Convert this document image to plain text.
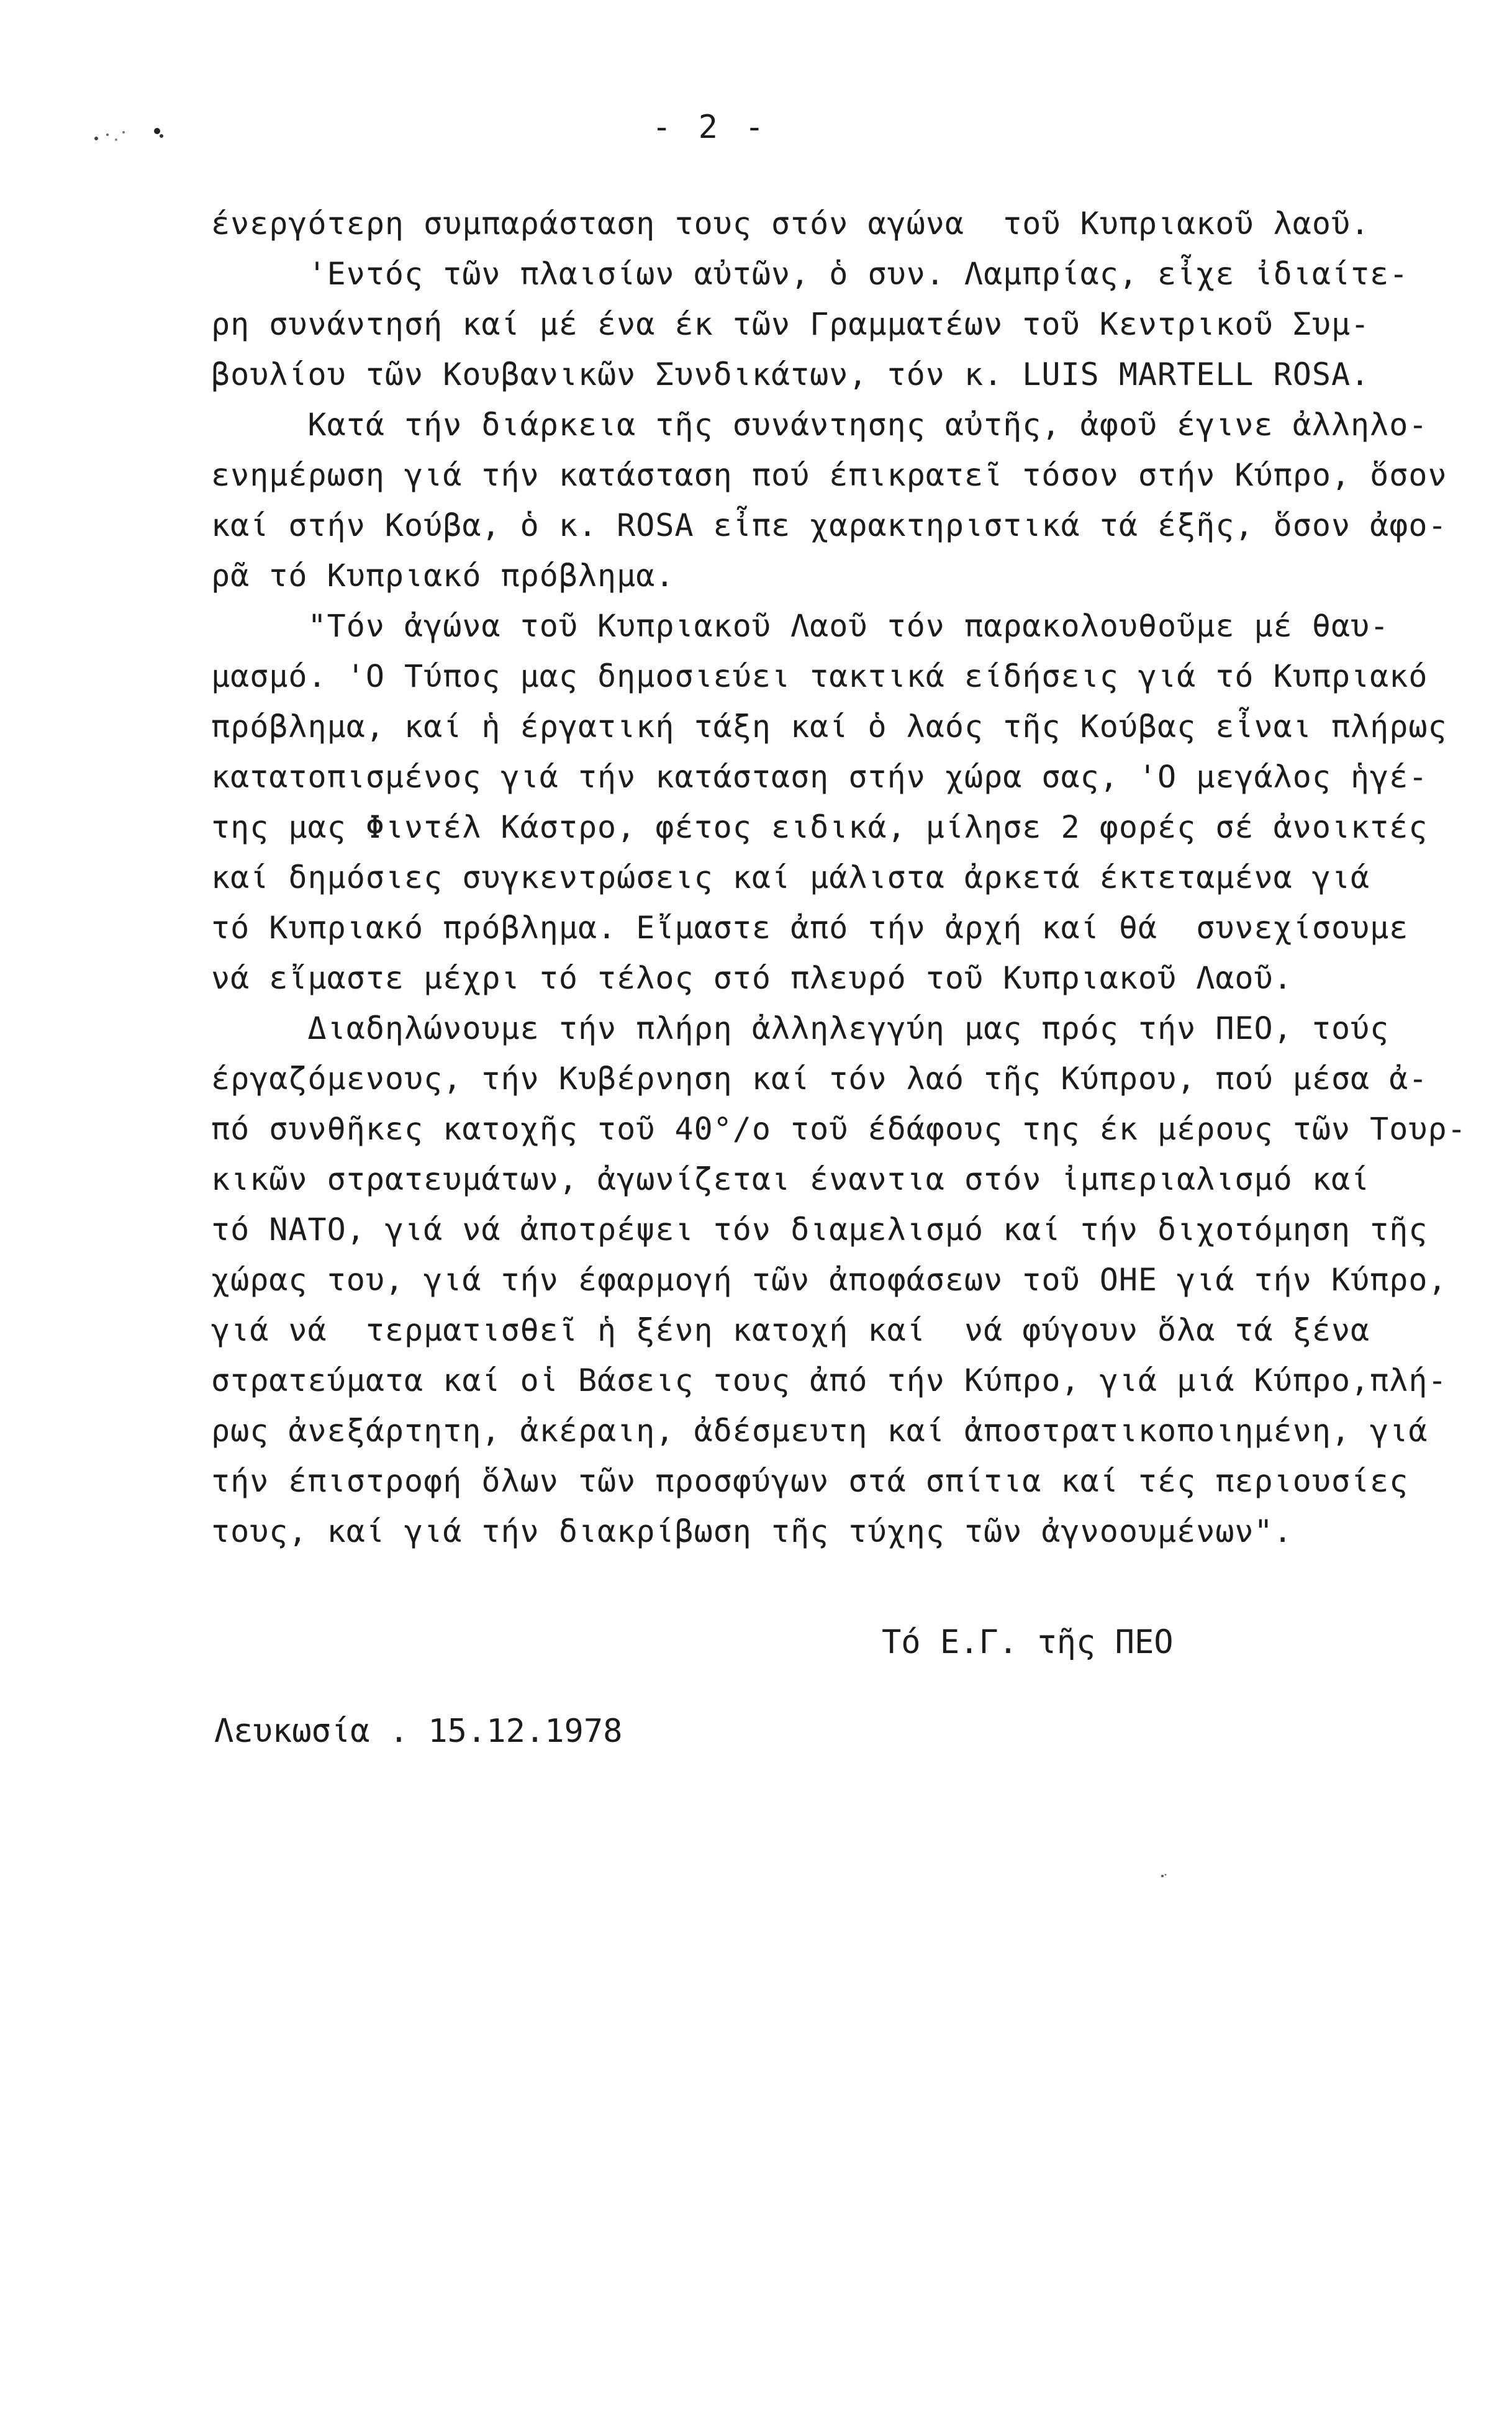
- 2 -
ένεργότερη συμπαράσταση τους στόν αγώνα  τοῦ Κυπριακοῦ λαοῦ.
'Εντός τῶν πλαισίων αὐτῶν, ὁ συν. Λαμπρίας, εἶχε ἰδιαίτε-
ρη συνάντησή καί μέ ένα έκ τῶν Γραμματέων τοῦ Κεντρικοῦ Συμ-
βουλίου τῶν Κουβανικῶν Συνδικάτων, τόν κ. LUIS MARTELL ROSA.
Κατά τήν διάρκεια τῆς συνάντησης αὐτῆς, ἀφοῦ έγινε ἀλληλο-
ενημέρωση γιά τήν κατάσταση πού έπικρατεῖ τόσον στήν Κύπρο, ὅσον
καί στήν Κούβα, ὁ κ. ROSA εἶπε χαρακτηριστικά τά έξῆς, ὅσον ἀφο-
ρᾶ τό Κυπριακό πρόβλημα.
"Τόν ἀγώνα τοῦ Κυπριακοῦ Λαοῦ τόν παρακολουθοῦμε μέ θαυ-
μασμό. 'Ο Τύπος μας δημοσιεύει τακτικά είδήσεις γιά τό Κυπριακό
πρόβλημα, καί ἡ έργατική τάξη καί ὁ λαός τῆς Κούβας εἶναι πλήρως
κατατοπισμένος γιά τήν κατάσταση στήν χώρα σας, 'Ο μεγάλος ἡγέ-
της μας Φιντέλ Κάστρο, φέτος ειδικά, μίλησε 2 φορές σέ ἀνοικτές
καί δημόσιες συγκεντρώσεις καί μάλιστα ἀρκετά έκτεταμένα γιά
τό Κυπριακό πρόβλημα. Εἴμαστε ἀπό τήν ἀρχή καί θά  συνεχίσουμε
νά εἴμαστε μέχρι τό τέλος στό πλευρό τοῦ Κυπριακοῦ Λαοῦ.
Διαδηλώνουμε τήν πλήρη ἀλληλεγγύη μας πρός τήν ΠΕΟ, τούς
έργαζόμενους, τήν Κυβέρνηση καί τόν λαό τῆς Κύπρου, πού μέσα ἀ-
πό συνθῆκες κατοχῆς τοῦ 40°/ο τοῦ έδάφους της έκ μέρους τῶν Τουρ-
κικῶν στρατευμάτων, ἀγωνίζεται έναντια στόν ἰμπεριαλισμό καί
τό ΝΑΤΟ, γιά νά ἀποτρέψει τόν διαμελισμό καί τήν διχοτόμηση τῆς
χώρας του, γιά τήν έφαρμογή τῶν ἀποφάσεων τοῦ ΟΗΕ γιά τήν Κύπρο,
γιά νά  τερματισθεῖ ἡ ξένη κατοχή καί  νά φύγουν ὅλα τά ξένα
στρατεύματα καί οἱ Βάσεις τους ἀπό τήν Κύπρο, γιά μιά Κύπρο,πλή-
ρως ἀνεξάρτητη, ἀκέραιη, ἀδέσμευτη καί ἀποστρατικοποιημένη, γιά
τήν έπιστροφή ὅλων τῶν προσφύγων στά σπίτια καί τές περιουσίες
τους, καί γιά τήν διακρίβωση τῆς τύχης τῶν ἀγνοουμένων".
Τό Ε.Γ. τῆς ΠΕΟ
Λευκωσία . 15.12.1978
